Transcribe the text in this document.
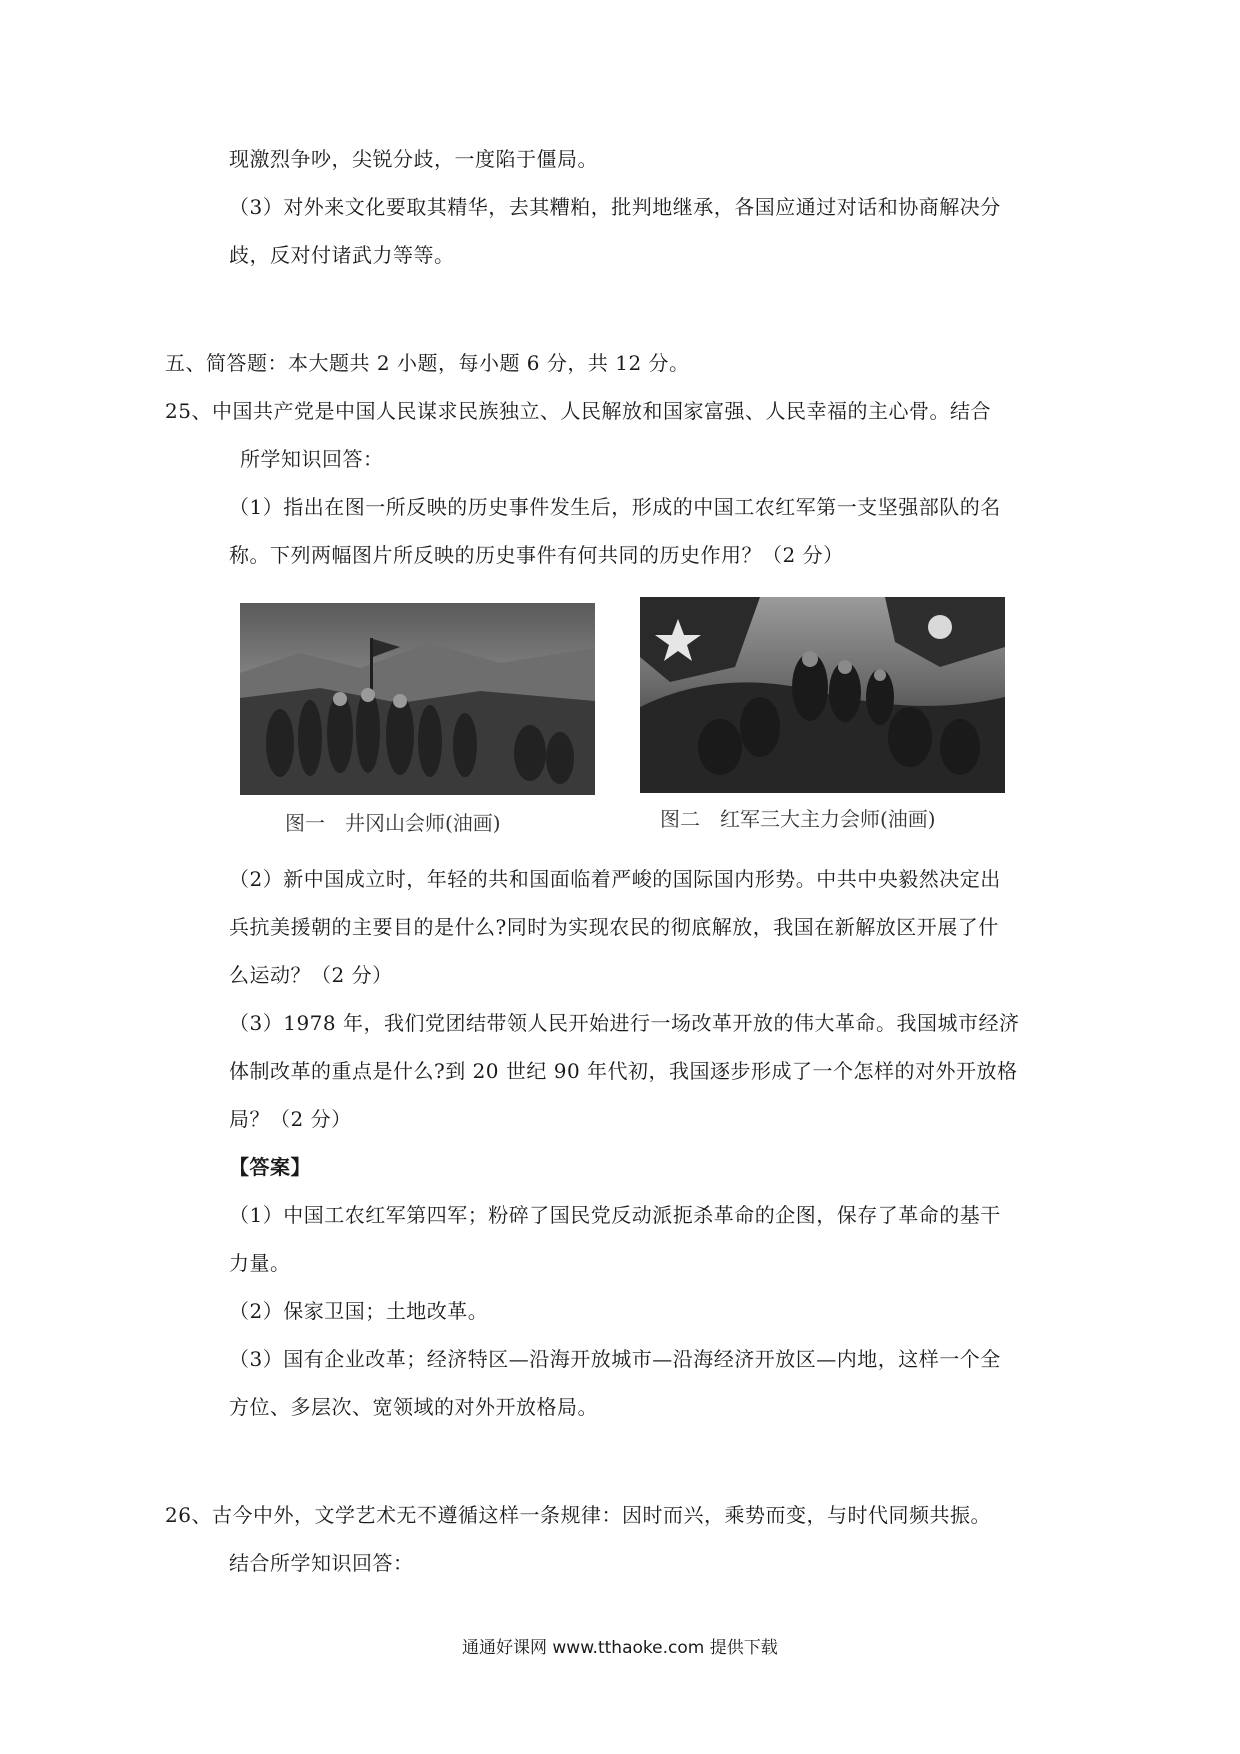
现激烈争吵，尖锐分歧，一度陷于僵局。
（3）对外来文化要取其精华，去其糟粕，批判地继承，各国应通过对话和协商解决分
歧，反对付诸武力等等。
五、简答题：本大题共 2 小题，每小题 6 分，共 12 分。
25、中国共产党是中国人民谋求民族独立、人民解放和国家富强、人民幸福的主心骨。结合
所学知识回答：
（1）指出在图一所反映的历史事件发生后，形成的中国工农红军第一支坚强部队的名
称。下列两幅图片所反映的历史事件有何共同的历史作用？（2 分）
图一　井冈山会师(油画)	图二　红军三大主力会师(油画)
（2）新中国成立时，年轻的共和国面临着严峻的国际国内形势。中共中央毅然决定出
兵抗美援朝的主要目的是什么?同时为实现农民的彻底解放，我国在新解放区开展了什
么运动？（2 分）
（3）1978 年，我们党团结带领人民开始进行一场改革开放的伟大革命。我国城市经济
体制改革的重点是什么?到 20 世纪 90 年代初，我国逐步形成了一个怎样的对外开放格
局？（2 分）
【答案】
（1）中国工农红军第四军；粉碎了国民党反动派扼杀革命的企图，保存了革命的基干
力量。
（2）保家卫国；土地改革。
（3）国有企业改革；经济特区—沿海开放城市—沿海经济开放区—内地，这样一个全
方位、多层次、宽领域的对外开放格局。
26、古今中外，文学艺术无不遵循这样一条规律：因时而兴，乘势而变，与时代同频共振。
结合所学知识回答：
通通好课网 www.tthaoke.com 提供下载
